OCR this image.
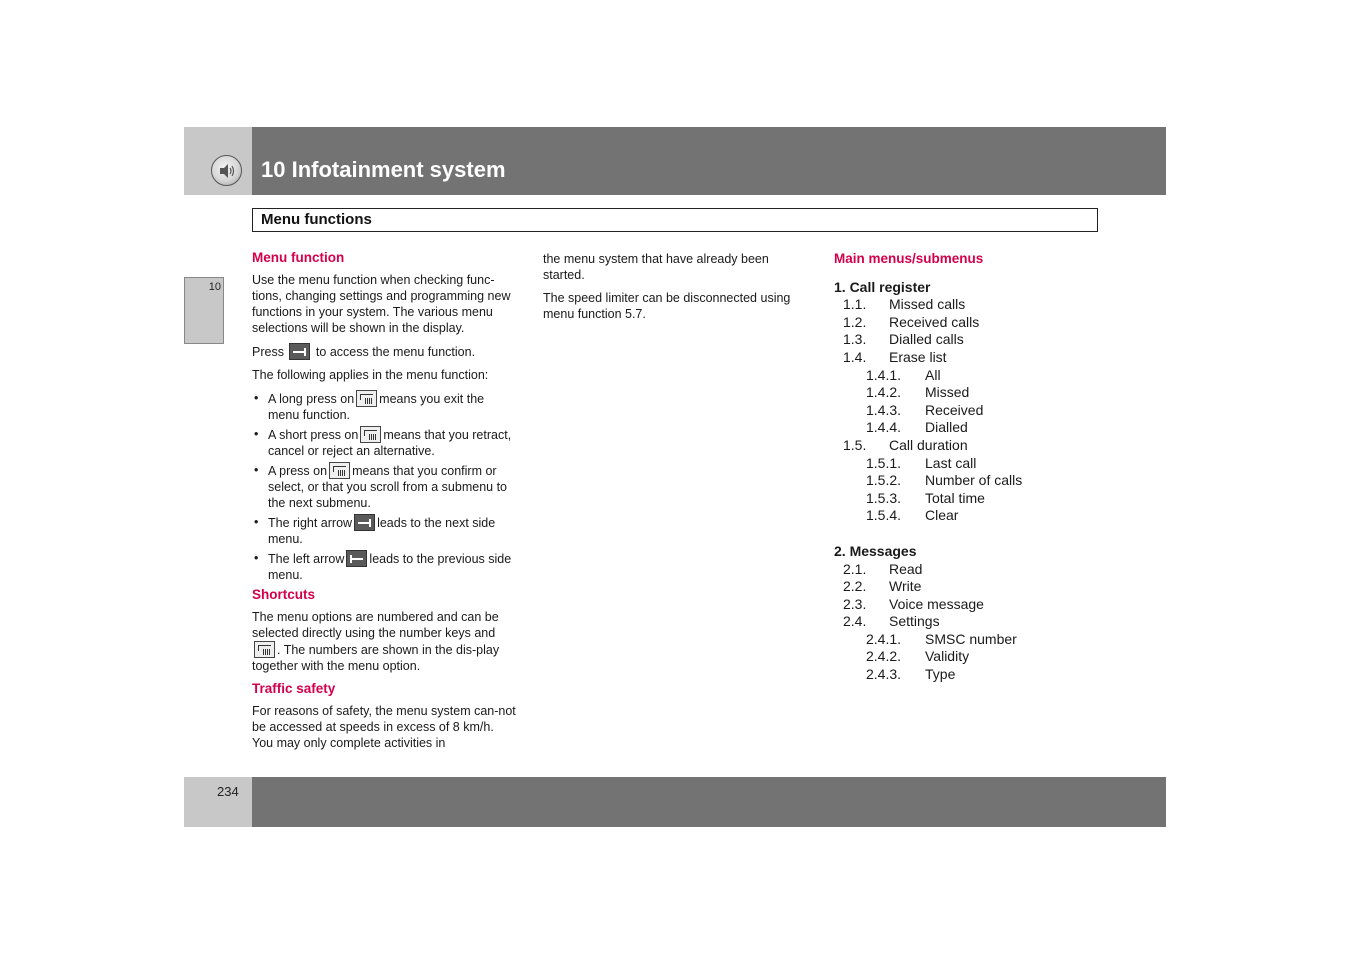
10 Infotainment system
Menu functions
10
Menu function

Use the menu function when checking func-tions, changing settings and programming new functions in your system. The various menu selections will be shown in the display.

Press	to access the menu function.

The following applies in the menu function:

• A long press on means you exit the menu function.
• A short press on means that you retract, cancel or reject an alternative.
• A press on means that you confirm or select, or that you scroll from a submenu to the next submenu.
• The right arrow leads to the next side menu.
• The left arrow leads to the previous side menu.
Shortcuts

The menu options are numbered and can be selected directly using the number keys and . The numbers are shown in the dis-play together with the menu option.

Traffic safety

For reasons of safety, the menu system can-not be accessed at speeds in excess of 8 km/h. You may only complete activities in

the menu system that have already been started.

The speed limiter can be disconnected using menu function 5.7.

Main menus/submenus
1. Call register
1.1.	Missed calls
1.2.	Received calls
1.3.	Dialled calls
1.4.	Erase list
1.4.1.	All
1.4.2.	Missed
1.4.3.	Received
1.4.4.	Dialled
1.5.	Call duration
1.5.1.	Last call
1.5.2.	Number of calls
1.5.3.	Total time
1.5.4.	Clear
2. Messages
2.1.	Read
2.2.	Write
2.3.	Voice message
2.4.	Settings
2.4.1.	SMSC number
2.4.2.	Validity
2.4.3.	Type
234
